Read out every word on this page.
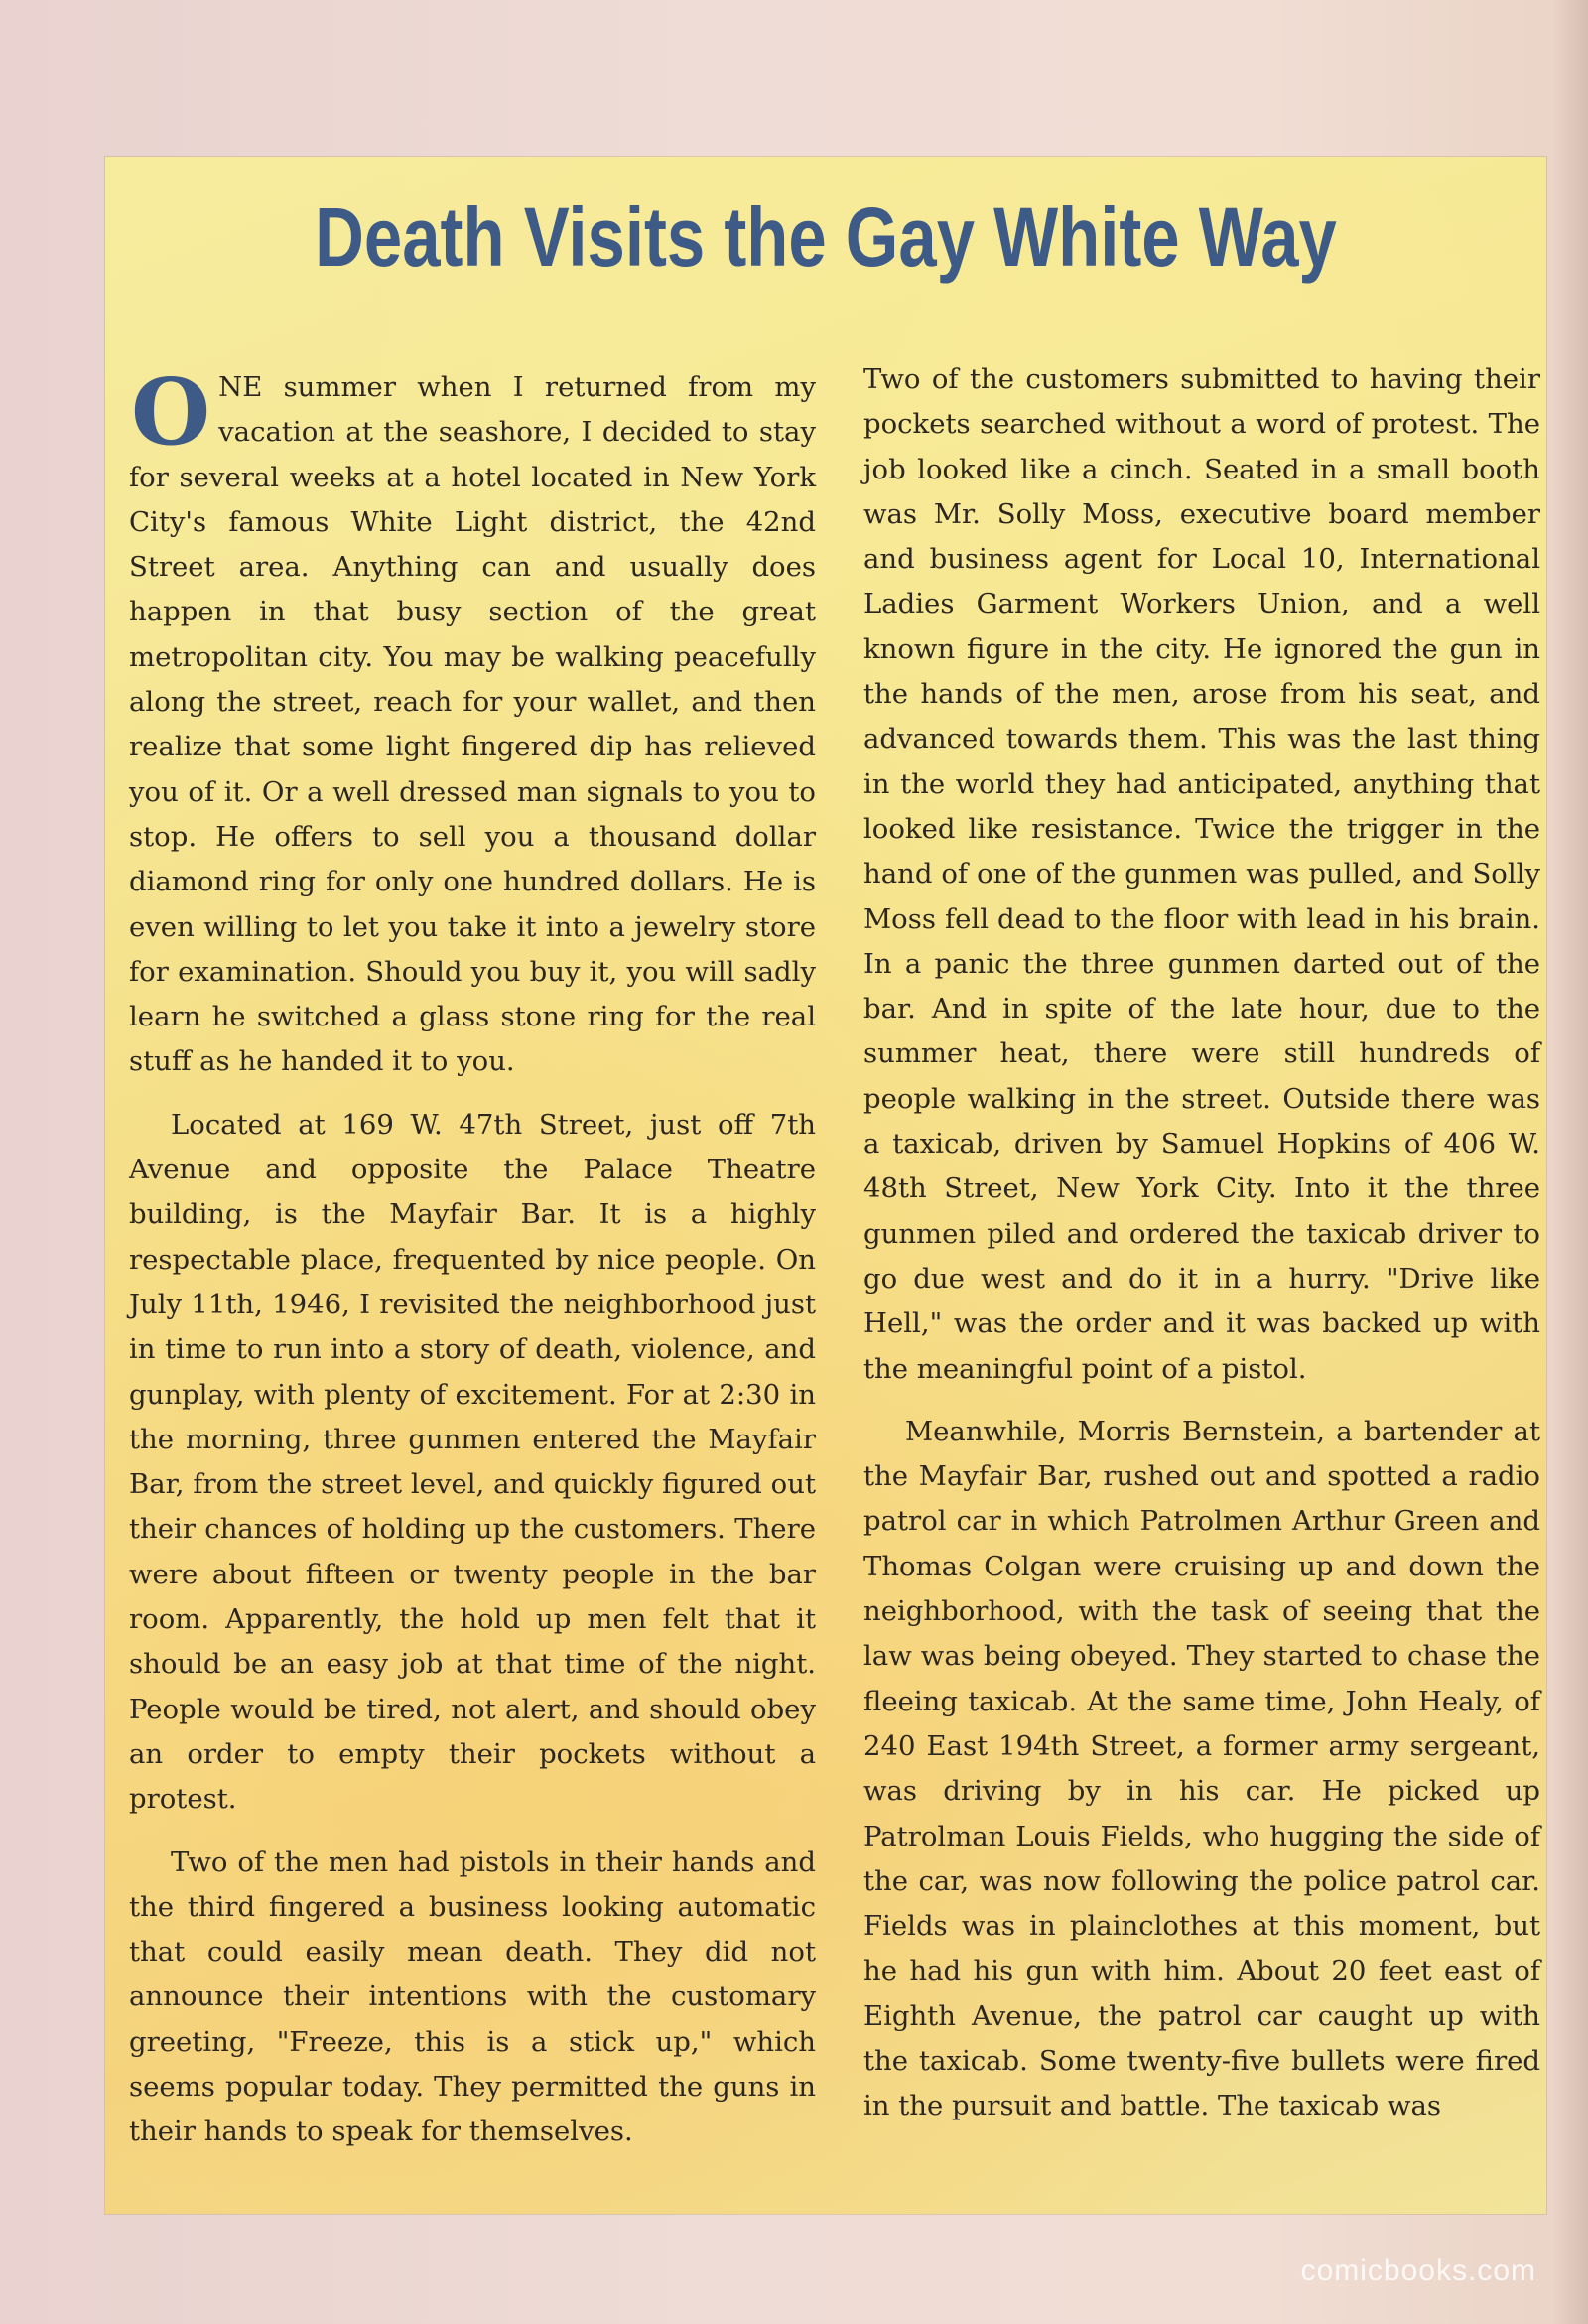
Death Visits the Gay White Way

ONE summer when I returned from my vacation at the seashore, I decided to stay for several weeks at a hotel located in New York City's famous White Light district, the 42nd Street area. Anything can and usually does happen in that busy section of the great metropolitan city. You may be walking peacefully along the street, reach for your wallet, and then realize that some light fingered dip has relieved you of it. Or a well dressed man signals to you to stop. He offers to sell you a thousand dollar diamond ring for only one hundred dollars. He is even willing to let you take it into a jewelry store for examination. Should you buy it, you will sadly learn he switched a glass stone ring for the real stuff as he handed it to you.

Located at 169 W. 47th Street, just off 7th Avenue and opposite the Palace Theatre building, is the Mayfair Bar. It is a highly respectable place, frequented by nice people. On July 11th, 1946, I revisited the neighborhood just in time to run into a story of death, violence, and gunplay, with plenty of excitement. For at 2:30 in the morning, three gunmen entered the Mayfair Bar, from the street level, and quickly figured out their chances of holding up the customers. There were about fifteen or twenty people in the bar room. Apparently, the hold up men felt that it should be an easy job at that time of the night. People would be tired, not alert, and should obey an order to empty their pockets without a protest.

Two of the men had pistols in their hands and the third fingered a business looking automatic that could easily mean death. They did not announce their intentions with the customary greeting, "Freeze, this is a stick up," which seems popular today. They permitted the guns in their hands to speak for themselves.

Two of the customers submitted to having their pockets searched without a word of protest. The job looked like a cinch. Seated in a small booth was Mr. Solly Moss, executive board member and business agent for Local 10, International Ladies Garment Workers Union, and a well known figure in the city. He ignored the gun in the hands of the men, arose from his seat, and advanced towards them. This was the last thing in the world they had anticipated, anything that looked like resistance. Twice the trigger in the hand of one of the gunmen was pulled, and Solly Moss fell dead to the floor with lead in his brain. In a panic the three gunmen darted out of the bar. And in spite of the late hour, due to the summer heat, there were still hundreds of people walking in the street. Outside there was a taxicab, driven by Samuel Hopkins of 406 W. 48th Street, New York City. Into it the three gunmen piled and ordered the taxicab driver to go due west and do it in a hurry. "Drive like Hell," was the order and it was backed up with the meaningful point of a pistol.

Meanwhile, Morris Bernstein, a bartender at the Mayfair Bar, rushed out and spotted a radio patrol car in which Patrolmen Arthur Green and Thomas Colgan were cruising up and down the neighborhood, with the task of seeing that the law was being obeyed. They started to chase the fleeing taxicab. At the same time, John Healy, of 240 East 194th Street, a former army sergeant, was driving by in his car. He picked up Patrolman Louis Fields, who hugging the side of the car, was now following the police patrol car. Fields was in plainclothes at this moment, but he had his gun with him. About 20 feet east of Eighth Avenue, the patrol car caught up with the taxicab. Some twenty-five bullets were fired in the pursuit and battle. The taxicab was

comicbooks.com
